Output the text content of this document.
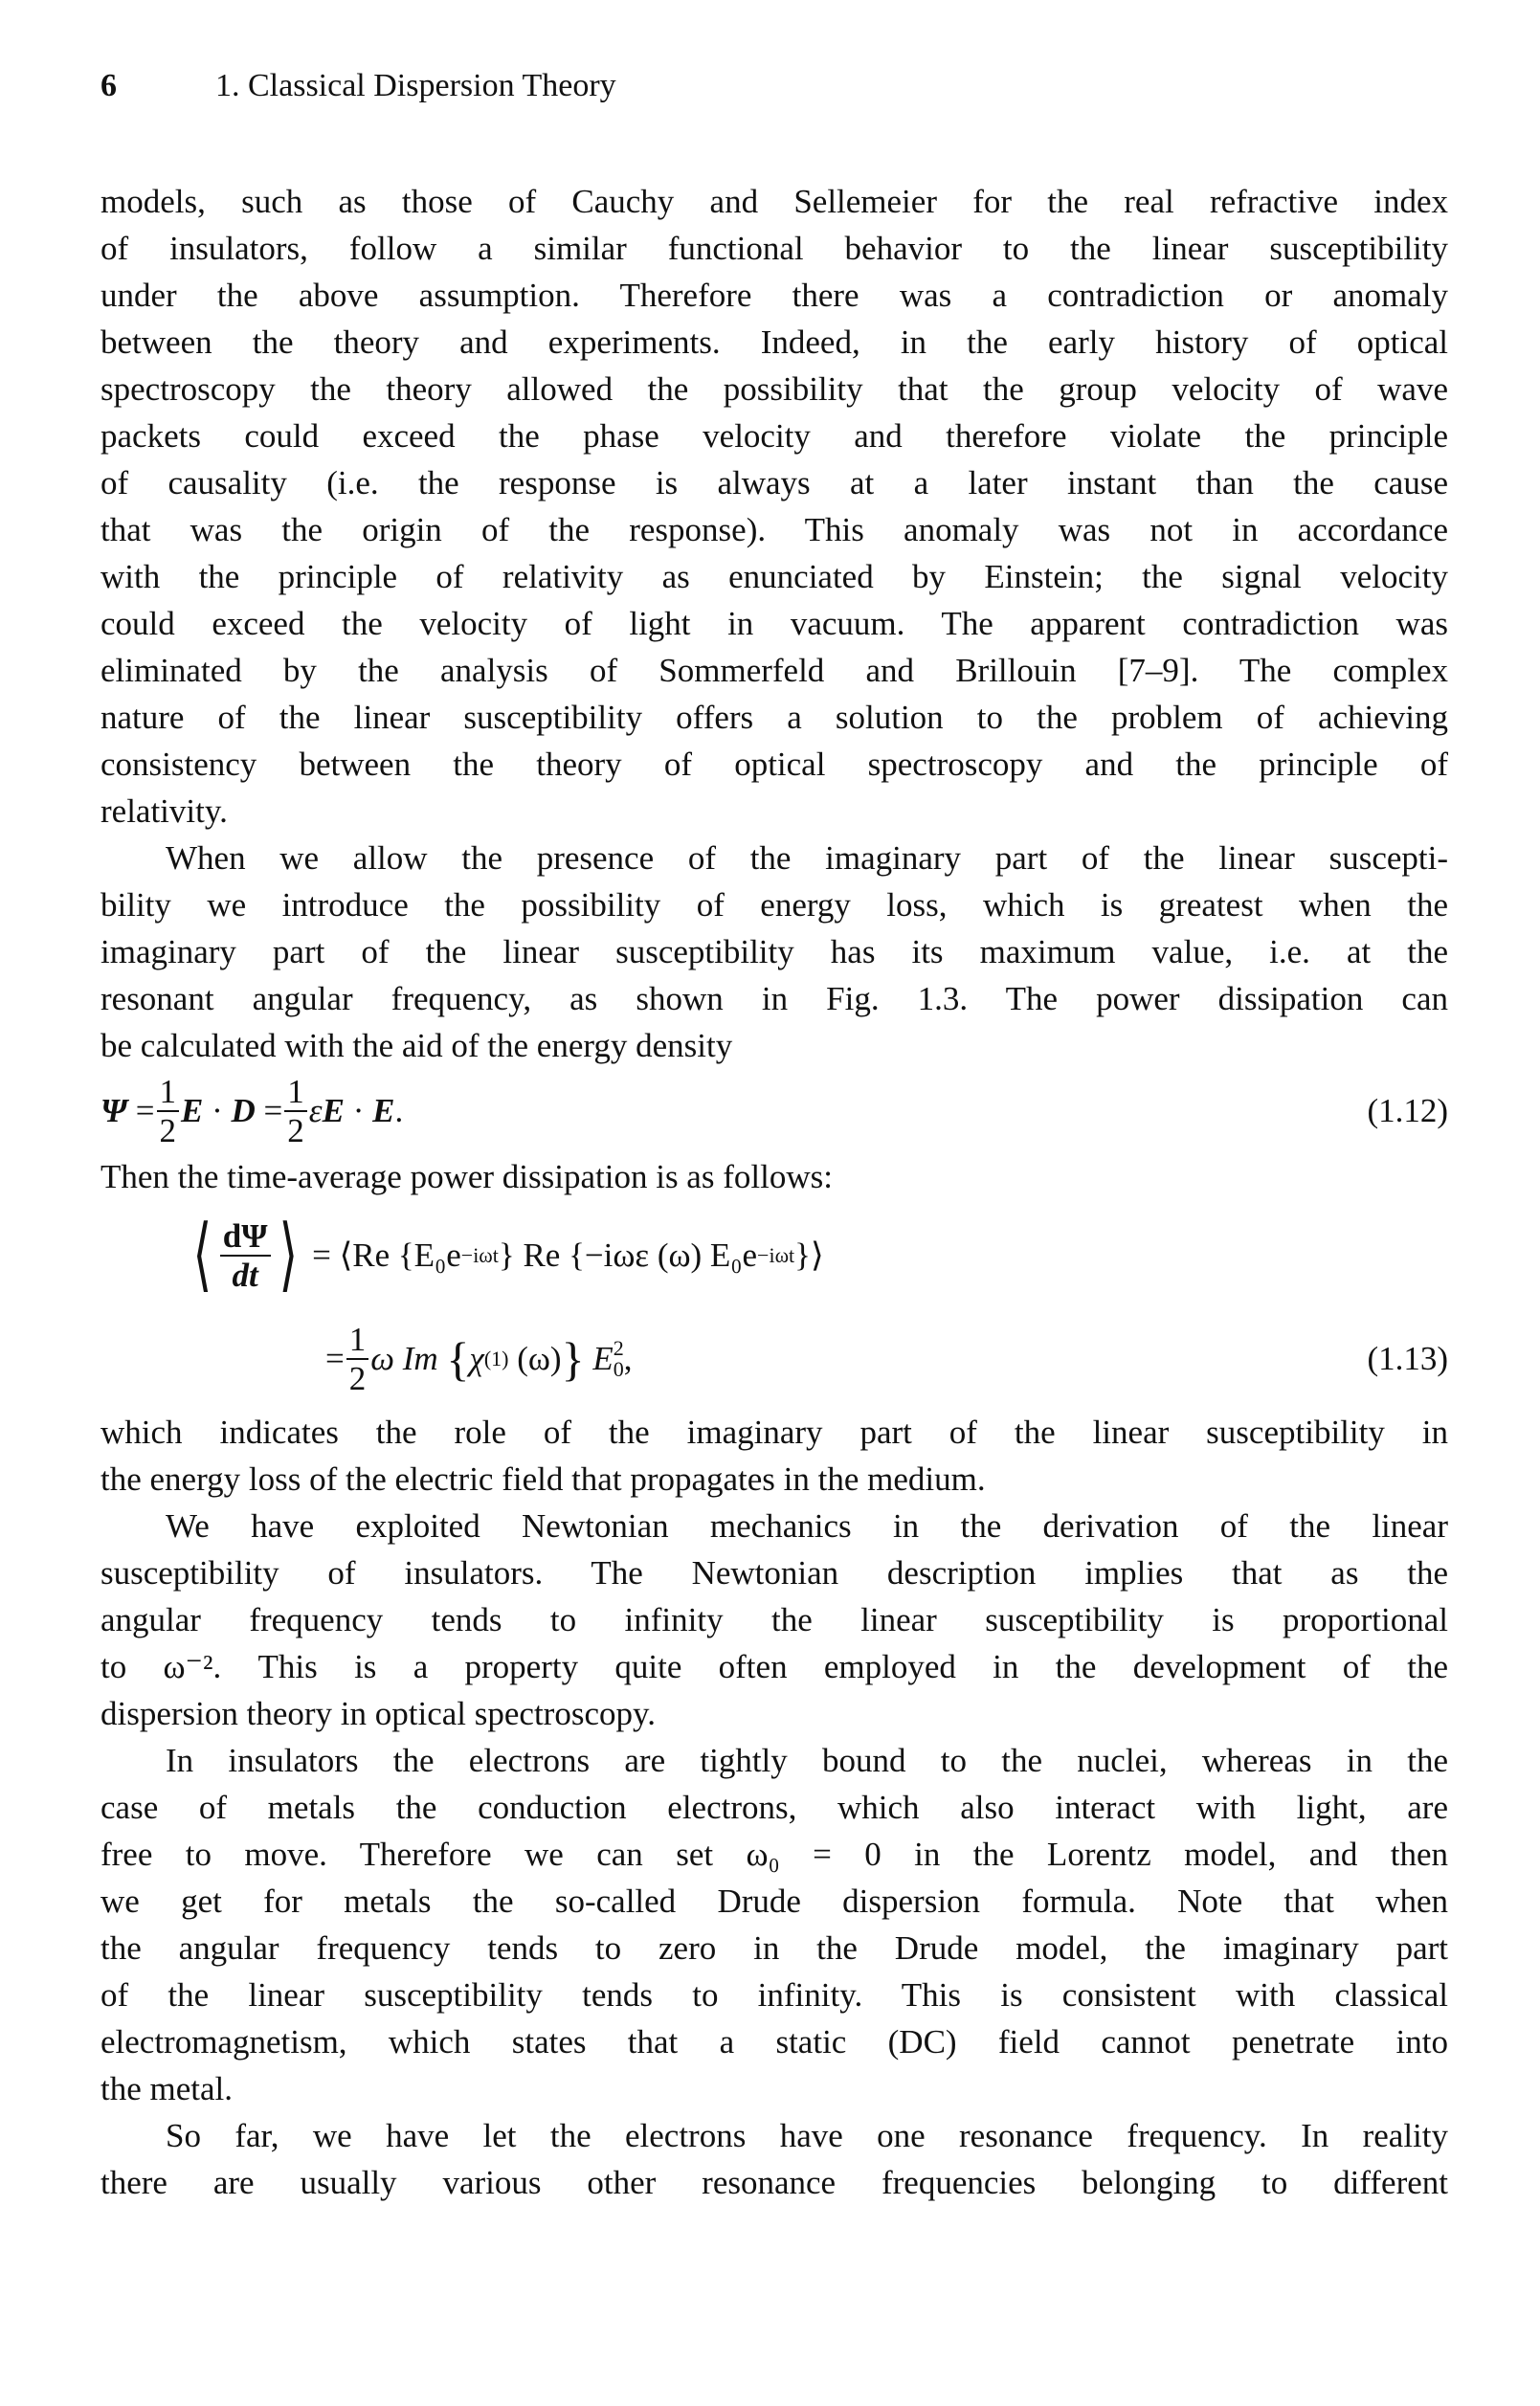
6	1. Classical Dispersion Theory
models, such as those of Cauchy and Sellemeier for the real refractive index
of insulators, follow a similar functional behavior to the linear susceptibility
under the above assumption. Therefore there was a contradiction or anomaly
between the theory and experiments. Indeed, in the early history of optical
spectroscopy the theory allowed the possibility that the group velocity of wave
packets could exceed the phase velocity and therefore violate the principle
of causality (i.e. the response is always at a later instant than the cause
that was the origin of the response). This anomaly was not in accordance
with the principle of relativity as enunciated by Einstein; the signal velocity
could exceed the velocity of light in vacuum. The apparent contradiction was
eliminated by the analysis of Sommerfeld and Brillouin [7–9]. The complex
nature of the linear susceptibility offers a solution to the problem of achieving
consistency between the theory of optical spectroscopy and the principle of
relativity.
When we allow the presence of the imaginary part of the linear suscepti-
bility we introduce the possibility of energy loss, which is greatest when the
imaginary part of the linear susceptibility has its maximum value, i.e. at the
resonant angular frequency, as shown in Fig. 1.3. The power dissipation can
be calculated with the aid of the energy density
Ψ
= $\frac{1}{2}$ E
·
D
= $\frac{1}{2}$ ε E
·
E .	(1.12)
Then the time-average power dissipation is as follows:
⟨ $\frac{d\Psi}{dt}$ ⟩
= ⟨Re {E₀e −iωt } Re {−iωε (ω) E₀e −iωt }⟩
= $\frac{1}{2}$ ω Im
{ χ (1)
(ω) }
E 2
0 ,	(1.13)
which indicates the role of the imaginary part of the linear susceptibility in
the energy loss of the electric field that propagates in the medium.
We have exploited Newtonian mechanics in the derivation of the linear
susceptibility of insulators. The Newtonian description implies that as the
angular frequency tends to infinity the linear susceptibility is proportional
to ω⁻². This is a property quite often employed in the development of the
dispersion theory in optical spectroscopy.
In insulators the electrons are tightly bound to the nuclei, whereas in the
case of metals the conduction electrons, which also interact with light, are
free to move. Therefore we can set ω₀ = 0 in the Lorentz model, and then
we get for metals the so-called Drude dispersion formula. Note that when
the angular frequency tends to zero in the Drude model, the imaginary part
of the linear susceptibility tends to infinity. This is consistent with classical
electromagnetism, which states that a static (DC) field cannot penetrate into
the metal.
So far, we have let the electrons have one resonance frequency. In reality
there are usually various other resonance frequencies belonging to different
